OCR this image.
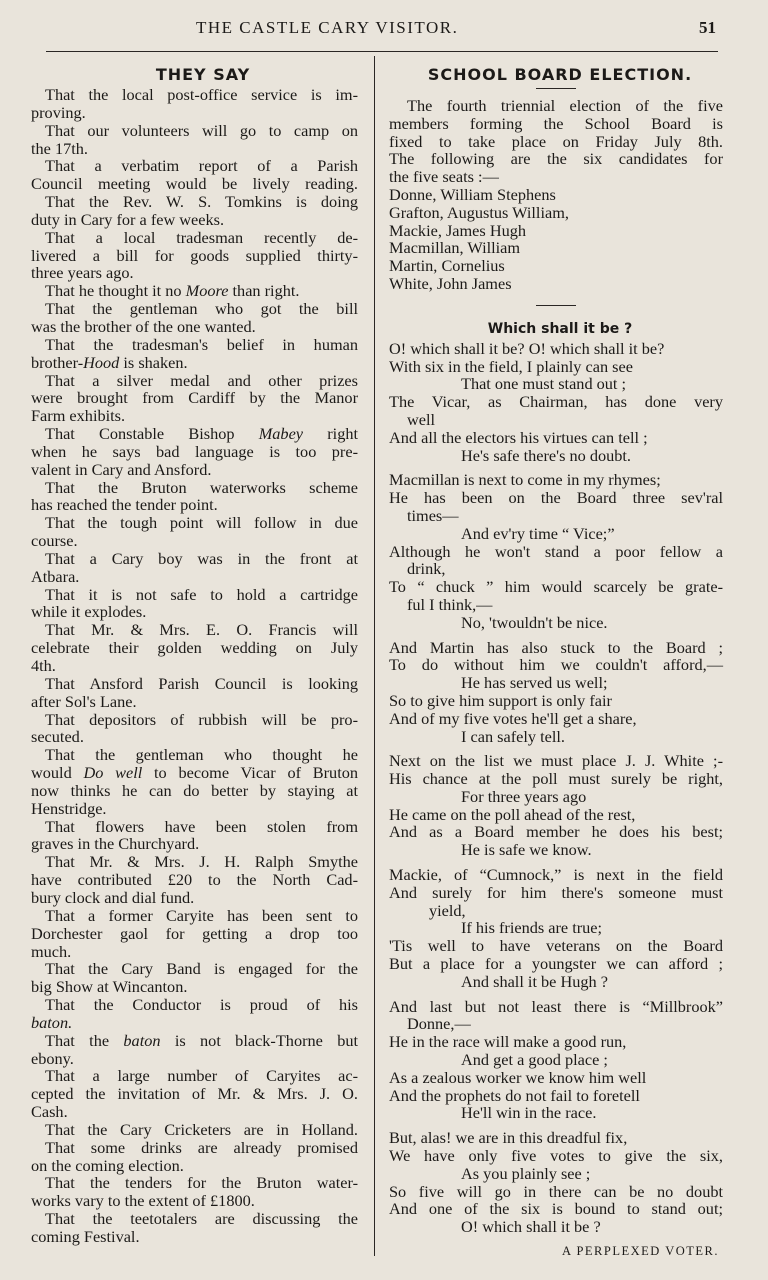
THE CASTLE CARY VISITOR.	51
THEY SAY
That the local post-office service is im-
proving.
That our volunteers will go to camp on
the 17th.
That a verbatim report of a Parish
Council meeting would be lively reading.
That the Rev. W. S. Tomkins is doing
duty in Cary for a few weeks.
That a local tradesman recently de-
livered a bill for goods supplied thirty-
three years ago.
That he thought it no Moore than right.
That the gentleman who got the bill
was the brother of the one wanted.
That the tradesman's belief in human
brother-Hood is shaken.
That a silver medal and other prizes
were brought from Cardiff by the Manor
Farm exhibits.
That Constable Bishop Mabey right
when he says bad language is too pre-
valent in Cary and Ansford.
That the Bruton waterworks scheme
has reached the tender point.
That the tough point will follow in due
course.
That a Cary boy was in the front at
Atbara.
That it is not safe to hold a cartridge
while it explodes.
That Mr. & Mrs. E. O. Francis will
celebrate their golden wedding on July
4th.
That Ansford Parish Council is looking
after Sol's Lane.
That depositors of rubbish will be pro-
secuted.
That the gentleman who thought he
would Do well to become Vicar of Bruton
now thinks he can do better by staying at
Henstridge.
That flowers have been stolen from
graves in the Churchyard.
That Mr. & Mrs. J. H. Ralph Smythe
have contributed £20 to the North Cad-
bury clock and dial fund.
That a former Caryite has been sent to
Dorchester gaol for getting a drop too
much.
That the Cary Band is engaged for the
big Show at Wincanton.
That the Conductor is proud of his
baton.
That the baton is not black-Thorne but
ebony.
That a large number of Caryites ac-
cepted the invitation of Mr. & Mrs. J. O.
Cash.
That the Cary Cricketers are in Holland.
That some drinks are already promised
on the coming election.
That the tenders for the Bruton water-
works vary to the extent of £1800.
That the teetotalers are discussing the
coming Festival.
SCHOOL BOARD ELECTION.
The fourth triennial election of the five
members forming the School Board is
fixed to take place on Friday July 8th.
The following are the six candidates for
the five seats :—
Donne, William Stephens
Grafton, Augustus William,
Mackie, James Hugh
Macmillan, William
Martin, Cornelius
White, John James
Which shall it be ?
O! which shall it be? O! which shall it be?
With six in the field, I plainly can see
That one must stand out ;
The Vicar, as Chairman, has done very
well
And all the electors his virtues can tell ;
He's safe there's no doubt.
Macmillan is next to come in my rhymes;
He has been on the Board three sev'ral
times—
And ev'ry time “ Vice;”
Although he won't stand a poor fellow a
drink,
To “ chuck ” him would scarcely be grate-
ful I think,—
No, 'twouldn't be nice.
And Martin has also stuck to the Board ;
To do without him we couldn't afford,—
He has served us well;
So to give him support is only fair
And of my five votes he'll get a share,
I can safely tell.
Next on the list we must place J. J. White ;-
His chance at the poll must surely be right,
For three years ago
He came on the poll ahead of the rest,
And as a Board member he does his best;
He is safe we know.
Mackie, of “Cumnock,” is next in the field
And surely for him there's someone must
yield,
If his friends are true;
'Tis well to have veterans on the Board
But a place for a youngster we can afford ;
And shall it be Hugh ?
And last but not least there is “Millbrook”
Donne,—
He in the race will make a good run,
And get a good place ;
As a zealous worker we know him well
And the prophets do not fail to foretell
He'll win in the race.
But, alas! we are in this dreadful fix,
We have only five votes to give the six,
As you plainly see ;
So five will go in there can be no doubt
And one of the six is bound to stand out;
O! which shall it be ?
A PERPLEXED VOTER.
